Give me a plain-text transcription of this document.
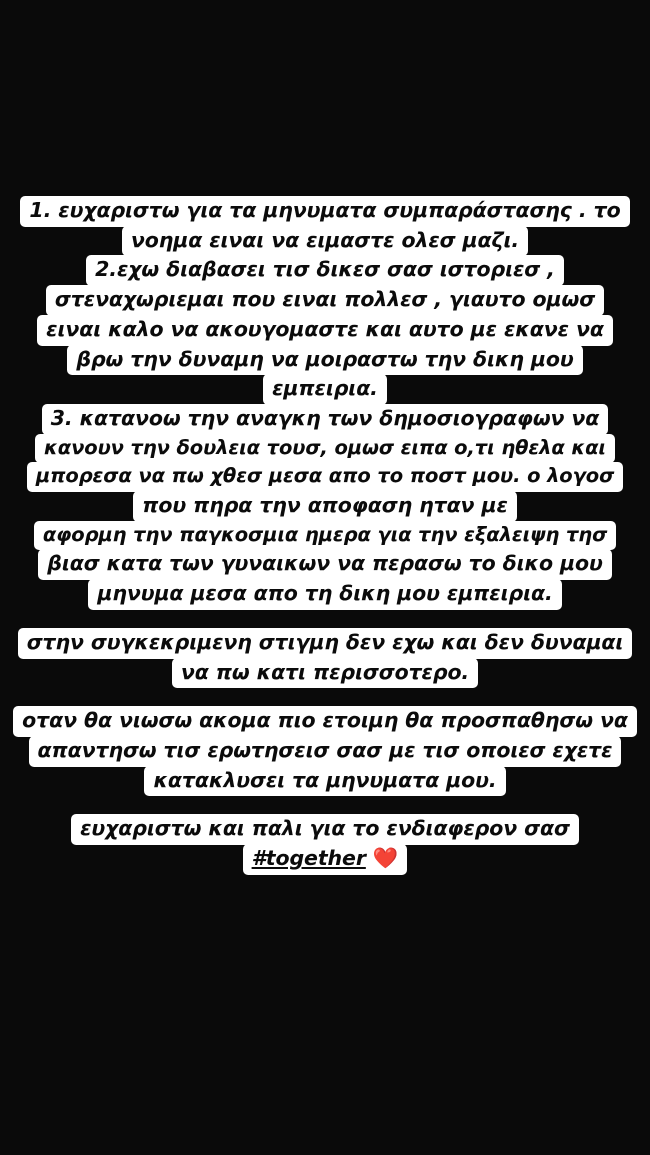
1. ευχαριστω για τα μηνυματα συμπαράστασης . το
νοημα ειναι να ειμαστε ολεσ μαζι.
2.εχω διαβασει τισ δικεσ σασ ιστοριεσ ,
στεναχωριεμαι που ειναι πολλεσ , γιαυτο ομωσ
ειναι καλο να ακουγομαστε και αυτο με εκανε να
βρω την δυναμη να μοιραστω την δικη μου
εμπειρια.
3. κατανοω την αναγκη των δημοσιογραφων να
κανουν την δουλεια τουσ, ομωσ ειπα ο,τι ηθελα και
μπορεσα να πω χθεσ μεσα απο το ποστ μου. ο λογοσ
που πηρα την αποφαση ηταν με
αφορμη την παγκοσμια ημερα για την εξαλειψη τησ
βιασ κατα των γυναικων να περασω το δικο μου
μηνυμα μεσα απο τη δικη μου εμπειρια.
στην συγκεκριμενη στιγμη δεν εχω και δεν δυναμαι
να πω κατι περισσοτερο.
οταν θα νιωσω ακομα πιο ετοιμη θα προσπαθησω να
απαντησω τισ ερωτησεισ σασ με τισ οποιεσ εχετε
κατακλυσει τα μηνυματα μου.
ευχαριστω και παλι για το ενδιαφερον σασ
#together ❤️
